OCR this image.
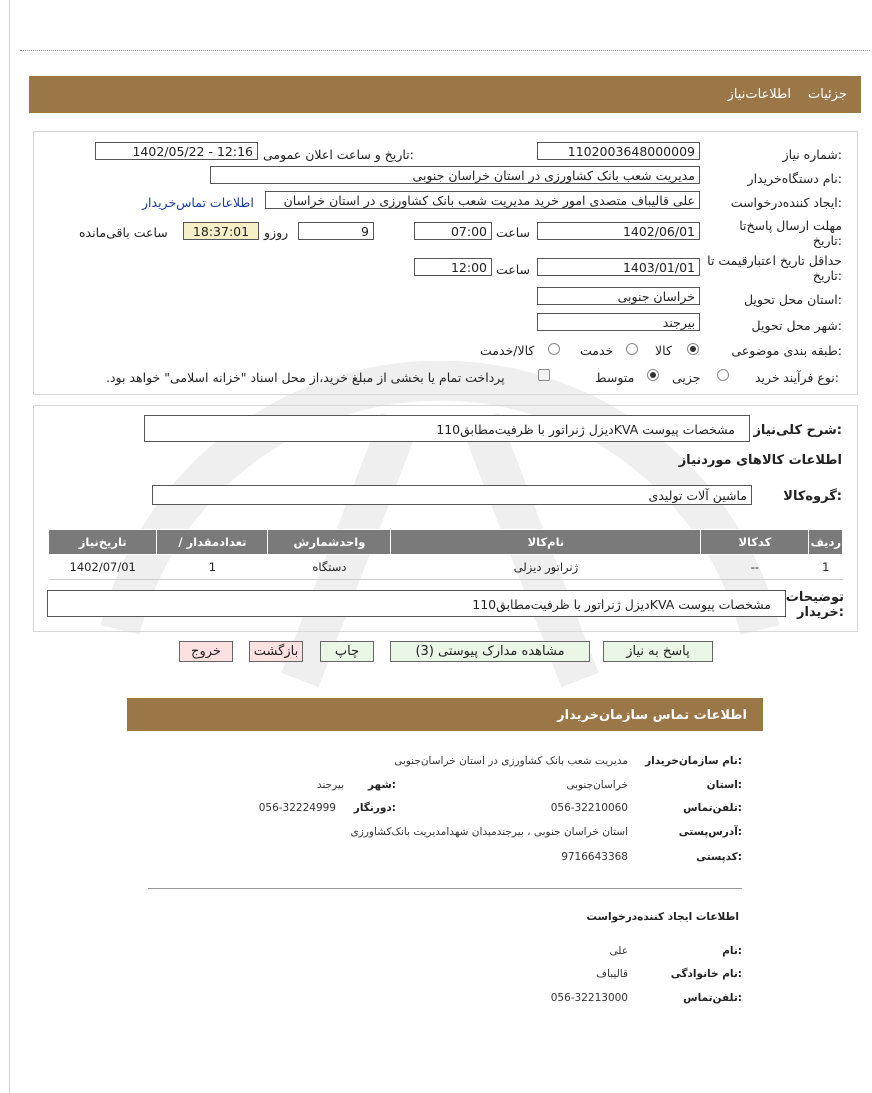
جزئیات
اطلاعات‌نیاز
شماره نیاز:
1102003648000009
تاریخ و ساعت اعلان عمومی:
1402/05/22 - 12:16
نام دستگاه‌خریدار:
مدیریت شعب بانک کشاورزی در استان خراسان جنوبی
ایجاد کننده‌درخواست:
علی قالیباف متصدی امور خرید مدیریت شعب بانک کشاورزی در استان خراسان
اطلاعات تماس‌خریدار
مهلت ارسال پاسخ‌تا تاریخ:
1402/06/01
ساعت
07:00
9
روز‌و
18:37:01
ساعت باقی‌مانده
حداقل تاریخ اعتبار‌قیمت تا تاریخ:
1403/01/01
ساعت
12:00
استان محل تحویل:
خراسان جنوبی
شهر محل تحویل:
بیرجند
طبقه بندی موضوعی:
کالا
خدمت
کالا/خدمت
نوع فرآیند:
خرید
جزیی
متوسط
پرداخت تمام یا بخشی از مبلغ خرید،از محل اسناد "خزانه اسلامی" خواهد بود.
شرح کلی‌نیاز:
دیزل ژنراتور با ظرفیت‌مطابق110KVA مشخصات پیوست
اطلاعات کالاهای موردنیاز
گروه‌کالا:
ماشین آلات تولیدی
ردیف	کدکالا	نام‌کالا	واحدشمارش	تعدادمقدار /	تاریخ‌نیاز
1	--	ژنراتور دیزلی	دستگاه	1	1402/07/01
توضیحات خریدار:
دیزل ژنراتور با ظرفیت‌مطابق110KVA مشخصات پیوست
پاسخ به نیاز
مشاهده مدارک پیوستی (3)
چاپ
بازگشت
خروج
اطلاعات تماس سازمان‌خریدار
نام سازمان‌خریدار:
مدیریت شعب بانک کشاورزی در استان خراسان‌جنوبی
استان:
خراسان‌جنوبی
شهر:
بیرجند
تلفن‌تماس:
056-32210060
دورنگار:
056-32224999
آدرس‌پستی:
استان خراسان جنوبی ، بیرجندمیدان شهدامدیریت بانک‌کشاورزی
کدپستی:
9716643368
اطلاعات ایجاد کننده‌درخواست
نام:
علی
نام خانوادگی:
قالیباف
تلفن‌تماس:
056-32213000
